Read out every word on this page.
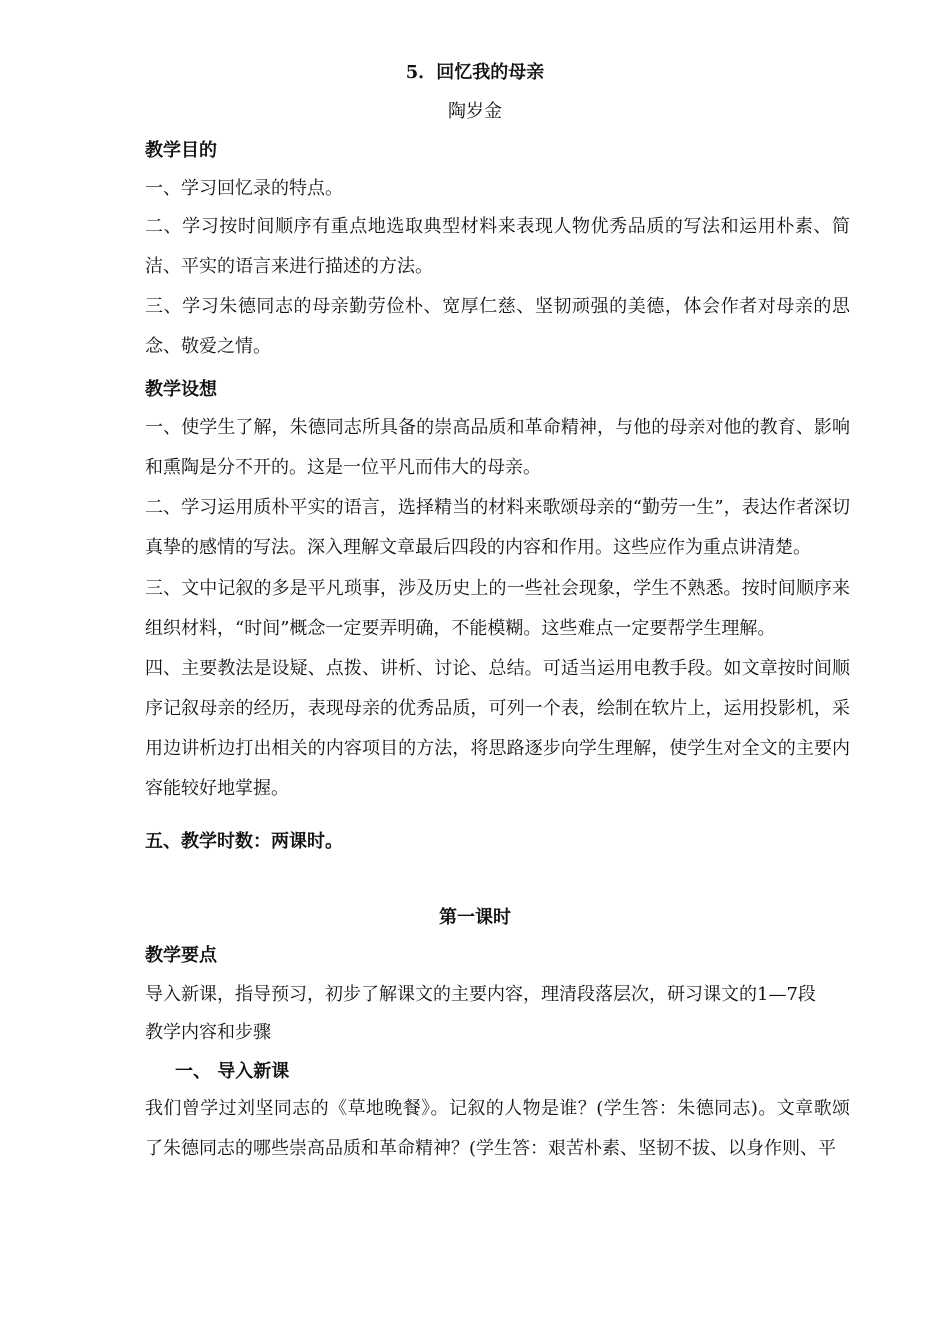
5．回忆我的母亲
陶岁金
教学目的
一、学习回忆录的特点。

二、学习按时间顺序有重点地选取典型材料来表现人物优秀品质的写法和运用朴素、简洁、平实的语言来进行描述的方法。

三、学习朱德同志的母亲勤劳俭朴、宽厚仁慈、坚韧顽强的美德，体会作者对母亲的思念、敬爱之情。

教学设想

一、使学生了解，朱德同志所具备的崇高品质和革命精神，与他的母亲对他的教育、影响和熏陶是分不开的。这是一位平凡而伟大的母亲。

二、学习运用质朴平实的语言，选择精当的材料来歌颂母亲的“勤劳一生”，表达作者深切真挚的感情的写法。深入理解文章最后四段的内容和作用。这些应作为重点讲清楚。

三、文中记叙的多是平凡琐事，涉及历史上的一些社会现象，学生不熟悉。按时间顺序来组织材料，“时间”概念一定要弄明确，不能模糊。这些难点一定要帮学生理解。

四、主要教法是设疑、点拨、讲析、讨论、总结。可适当运用电教手段。如文章按时间顺序记叙母亲的经历，表现母亲的优秀品质，可列一个表，绘制在软片上，运用投影机，采用边讲析边打出相关的内容项目的方法，将思路逐步向学生理解，使学生对全文的主要内容能较好地掌握。

五、教学时数：两课时。
第一课时
教学要点
导入新课，指导预习，初步了解课文的主要内容，理清段落层次，研习课文的1—7段
教学内容和步骤
一、 导入新课

我们曾学过刘坚同志的《草地晚餐》。记叙的人物是谁？(学生答：朱德同志)。文章歌颂了朱德同志的哪些崇高品质和革命精神？(学生答：艰苦朴素、坚韧不拔、以身作则、平
